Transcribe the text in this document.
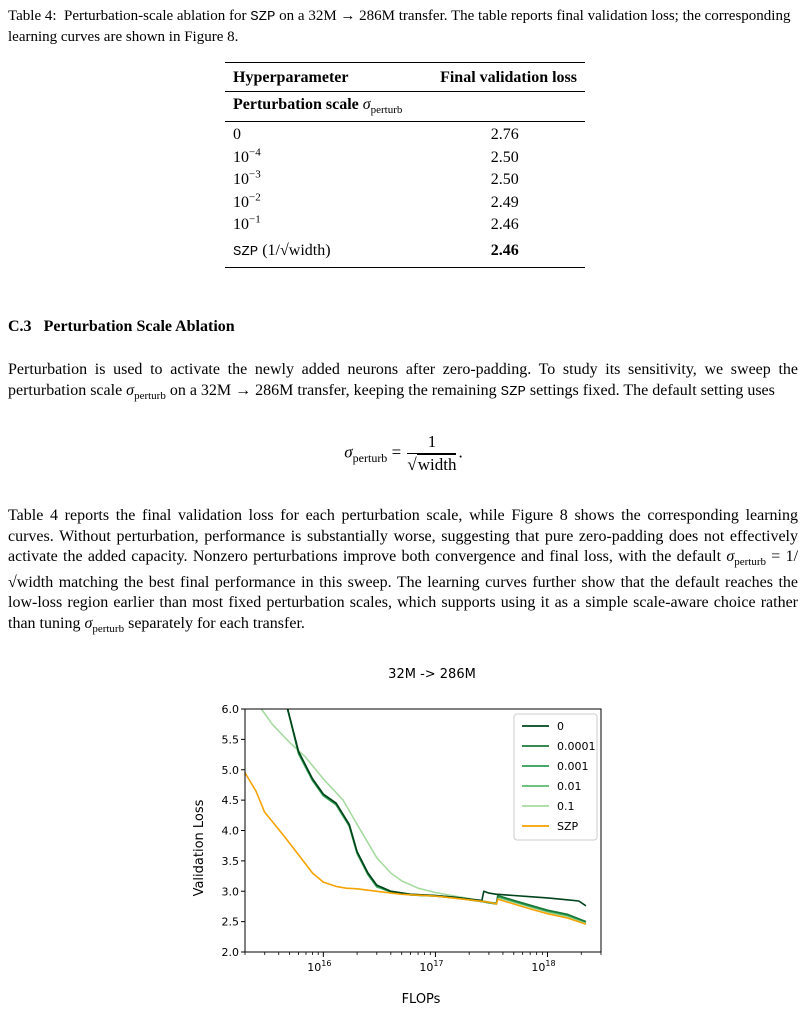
Table 4: Perturbation-scale ablation for SZP on a 32M → 286M transfer. The table reports final validation loss; the corresponding learning curves are shown in Figure 8.
Hyperparameter	Final validation loss
Perturbation scale $\sigma_{perturb}$
0	2.76
$10^{-4}$	2.50
$10^{-3}$	2.50
$10^{-2}$	2.49
$10^{-1}$	2.46
SZP (1/√width)	2.46
C.3 Perturbation Scale Ablation
Perturbation is used to activate the newly added neurons after zero-padding. To study its sensitivity, we sweep the perturbation scale $\sigma_{perturb}$ on a 32M → 286M transfer, keeping the remaining SZP settings fixed. The default setting uses
$\sigma_{perturb} = \frac{1}{\text{√width}}$ .
Table 4 reports the final validation loss for each perturbation scale, while Figure 8 shows the corresponding learning curves. Without perturbation, performance is substantially worse, suggesting that pure zero-padding does not effectively activate the added capacity. Nonzero perturbations improve both convergence and final loss, with the default $\sigma_{perturb}$ = 1/√width matching the best final performance in this sweep. The learning curves further show that the default reaches the low-loss region earlier than most fixed perturbation scales, which supports using it as a simple scale-aware choice rather than tuning $\sigma_{perturb}$ separately for each transfer.
32M -> 286M
Validation Loss
FLOPs
2.0
2.5
3.0
3.5
4.0
4.5
5.0
5.5
6.0
$10^{16}$	$10^{17}$	$10^{18}$
0
0.0001
0.001
0.01
0.1
SZP
